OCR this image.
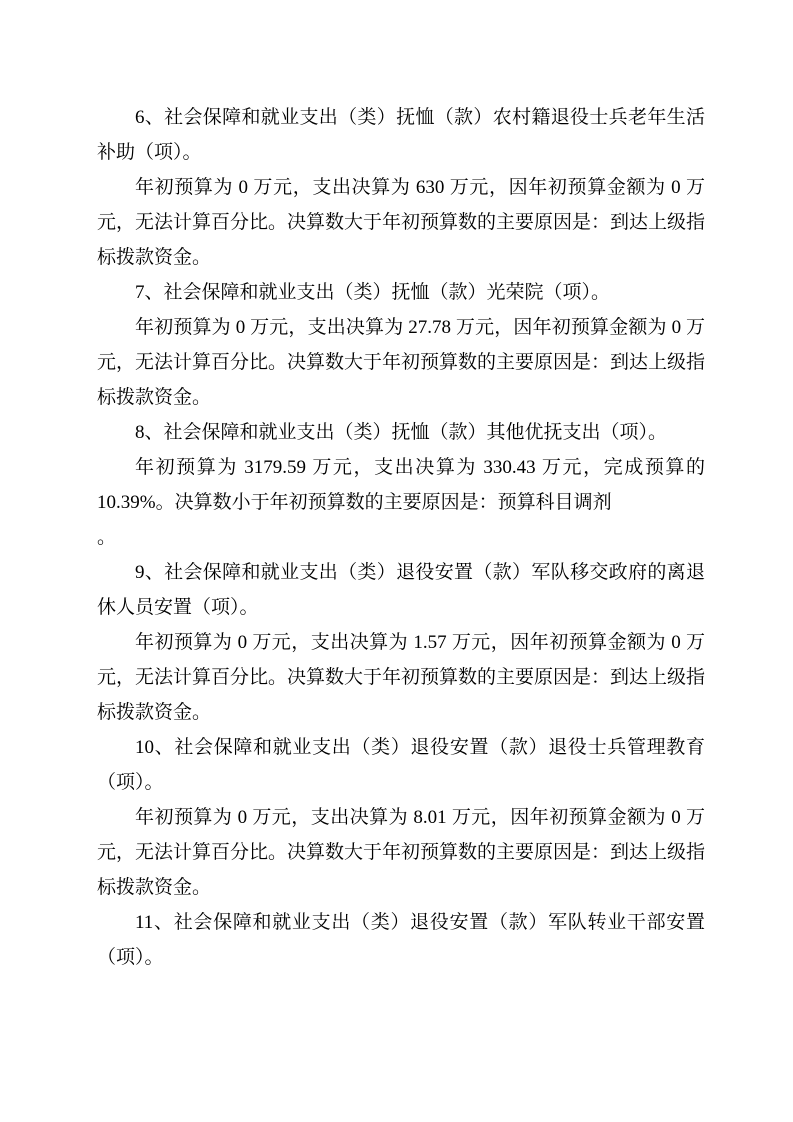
6、社会保障和就业支出（类）抚恤（款）农村籍退役士兵老年生活补助（项）。

年初预算为 0 万元，支出决算为 630 万元，因年初预算金额为 0 万元，无法计算百分比。决算数大于年初预算数的主要原因是：到达上级指标拨款资金。

7、社会保障和就业支出（类）抚恤（款）光荣院（项）。

年初预算为 0 万元，支出决算为 27.78 万元，因年初预算金额为 0 万元，无法计算百分比。决算数大于年初预算数的主要原因是：到达上级指标拨款资金。

8、社会保障和就业支出（类）抚恤（款）其他优抚支出（项）。

年初预算为 3179.59 万元，支出决算为 330.43 万元，完成预算的 10.39%。决算数小于年初预算数的主要原因是：预算科目调剂

。

9、社会保障和就业支出（类）退役安置（款）军队移交政府的离退休人员安置（项）。

年初预算为 0 万元，支出决算为 1.57 万元，因年初预算金额为 0 万元，无法计算百分比。决算数大于年初预算数的主要原因是：到达上级指标拨款资金。

10、社会保障和就业支出（类）退役安置（款）退役士兵管理教育（项）。

年初预算为 0 万元，支出决算为 8.01 万元，因年初预算金额为 0 万元，无法计算百分比。决算数大于年初预算数的主要原因是：到达上级指标拨款资金。

11、社会保障和就业支出（类）退役安置（款）军队转业干部安置（项）。
